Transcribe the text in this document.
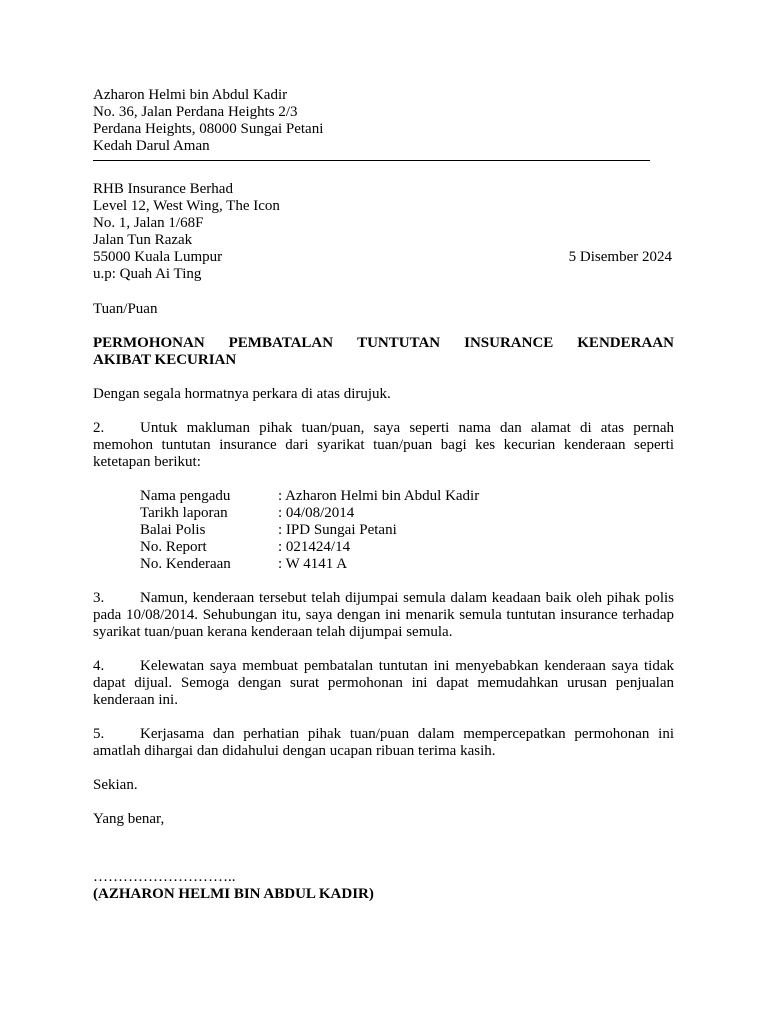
Azharon Helmi bin Abdul Kadir
No. 36, Jalan Perdana Heights 2/3
Perdana Heights, 08000 Sungai Petani
Kedah Darul Aman
RHB Insurance Berhad
Level 12, West Wing, The Icon
No. 1, Jalan 1/68F
Jalan Tun Razak
55000 Kuala Lumpur	5 Disember 2024
u.p: Quah Ai Ting
Tuan/Puan
PERMOHONAN PEMBATALAN TUNTUTAN INSURANCE KENDERAAN
AKIBAT KECURIAN
Dengan segala hormatnya perkara di atas dirujuk.
2. Untuk makluman pihak tuan/puan, saya seperti nama dan alamat di atas pernah memohon tuntutan insurance dari syarikat tuan/puan bagi kes kecurian kenderaan seperti ketetapan berikut:
Nama pengadu	: Azharon Helmi bin Abdul Kadir
Tarikh laporan	: 04/08/2014
Balai Polis	: IPD Sungai Petani
No. Report	: 021424/14
No. Kenderaan	: W 4141 A
3. Namun, kenderaan tersebut telah dijumpai semula dalam keadaan baik oleh pihak polis pada 10/08/2014. Sehubungan itu, saya dengan ini menarik semula tuntutan insurance terhadap syarikat tuan/puan kerana kenderaan telah dijumpai semula.
4. Kelewatan saya membuat pembatalan tuntutan ini menyebabkan kenderaan saya tidak dapat dijual. Semoga dengan surat permohonan ini dapat memudahkan urusan penjualan kenderaan ini.
5. Kerjasama dan perhatian pihak tuan/puan dalam mempercepatkan permohonan ini amatlah dihargai dan didahului dengan ucapan ribuan terima kasih.
Sekian.
Yang benar,
………………………..
(AZHARON HELMI BIN ABDUL KADIR)
